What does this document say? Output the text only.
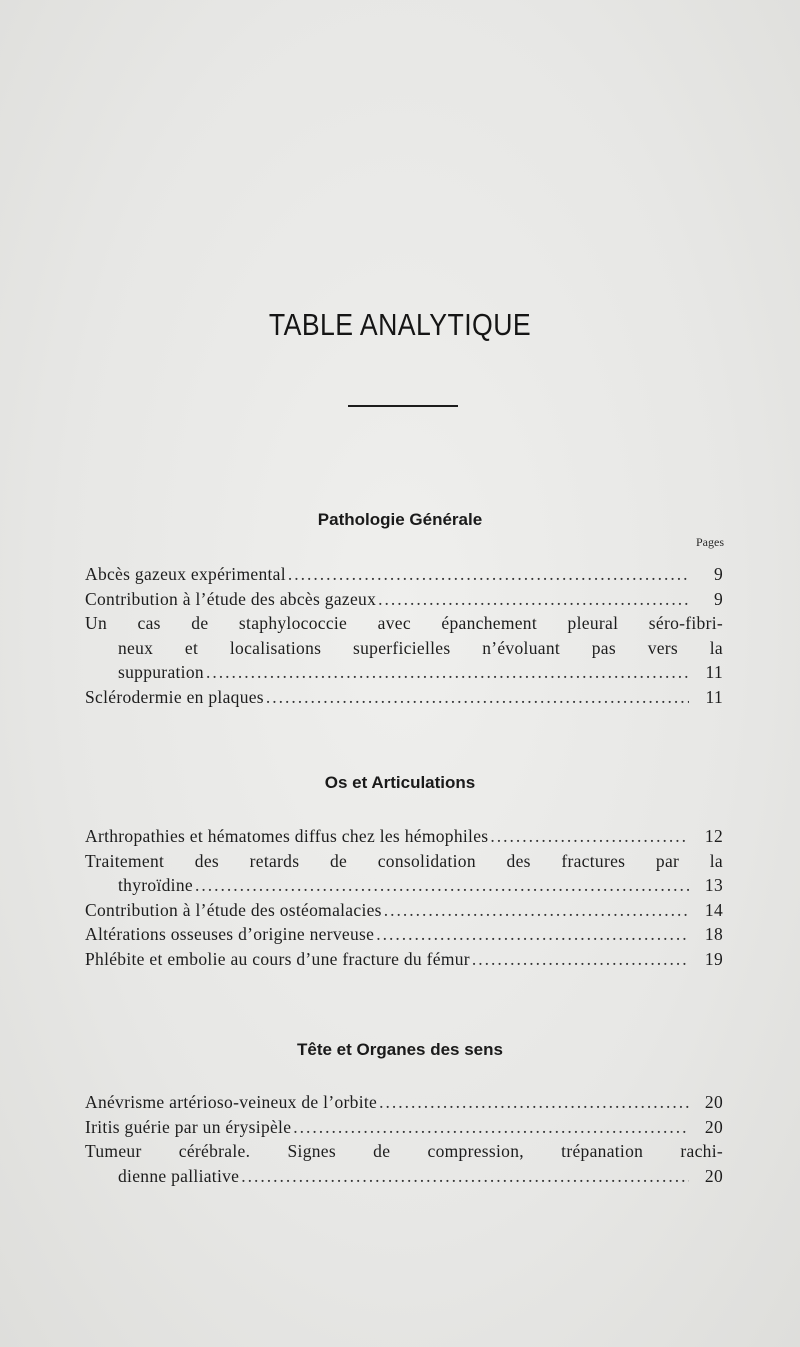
TABLE ANALYTIQUE
Pathologie Générale
Pages
Abcès gazeux expérimental .....	9
Contribution à l’étude des abcès gazeux .....	9
Un cas de staphylococcie avec épanchement pleural séro-fibri-
neux et localisations superficielles n’évoluant pas vers la
suppuration .....	11
Sclérodermie en plaques .....	11
Os et Articulations
Arthropathies et hématomes diffus chez les hémophiles .....	12
Traitement des retards de consolidation des fractures par la
thyroïdine .....	13
Contribution à l’étude des ostéomalacies .....	14
Altérations osseuses d’origine nerveuse .....	18
Phlébite et embolie au cours d’une fracture du fémur .....	19
Tête et Organes des sens
Anévrisme artérioso-veineux de l’orbite .....	20
Iritis guérie par un érysipèle .....	20
Tumeur cérébrale. Signes de compression, trépanation rachi-
dienne palliative .....	20
